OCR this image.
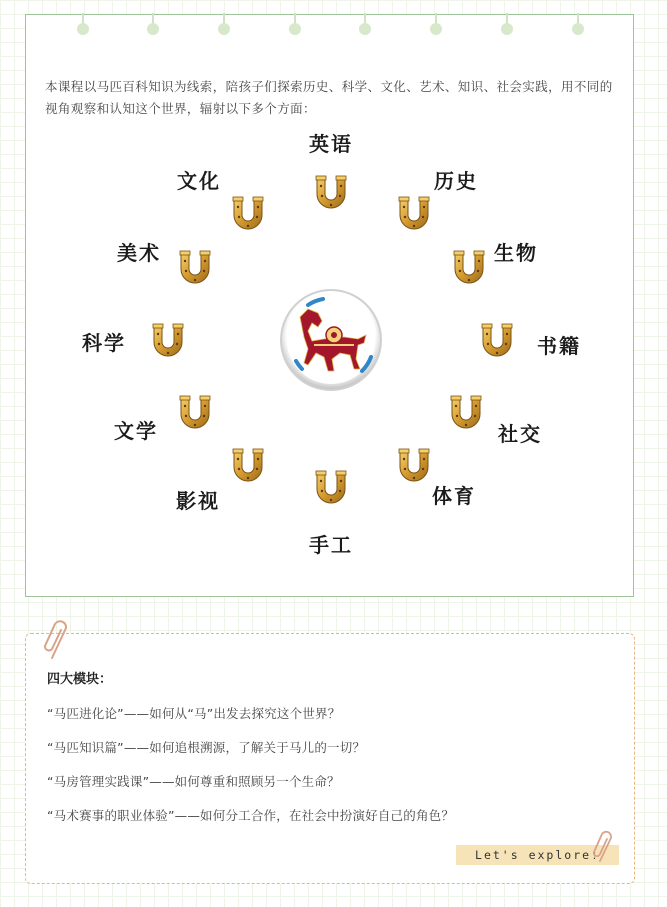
本课程以马匹百科知识为线索，陪孩子们探索历史、科学、文化、艺术、知识、社会实践，用不同的视角观察和认知这个世界，辐射以下多个方面：

英语
历史
生物
书籍
社交
体育
手工
影视
文学
科学
美术
文化
四大模块：
“马匹进化论”——如何从“马”出发去探究这个世界？
“马匹知识篇”——如何追根溯源，了解关于马儿的一切？
“马房管理实践课”——如何尊重和照顾另一个生命？
“马术赛事的职业体验”——如何分工合作，在社会中扮演好自己的角色？
Let's explore!
